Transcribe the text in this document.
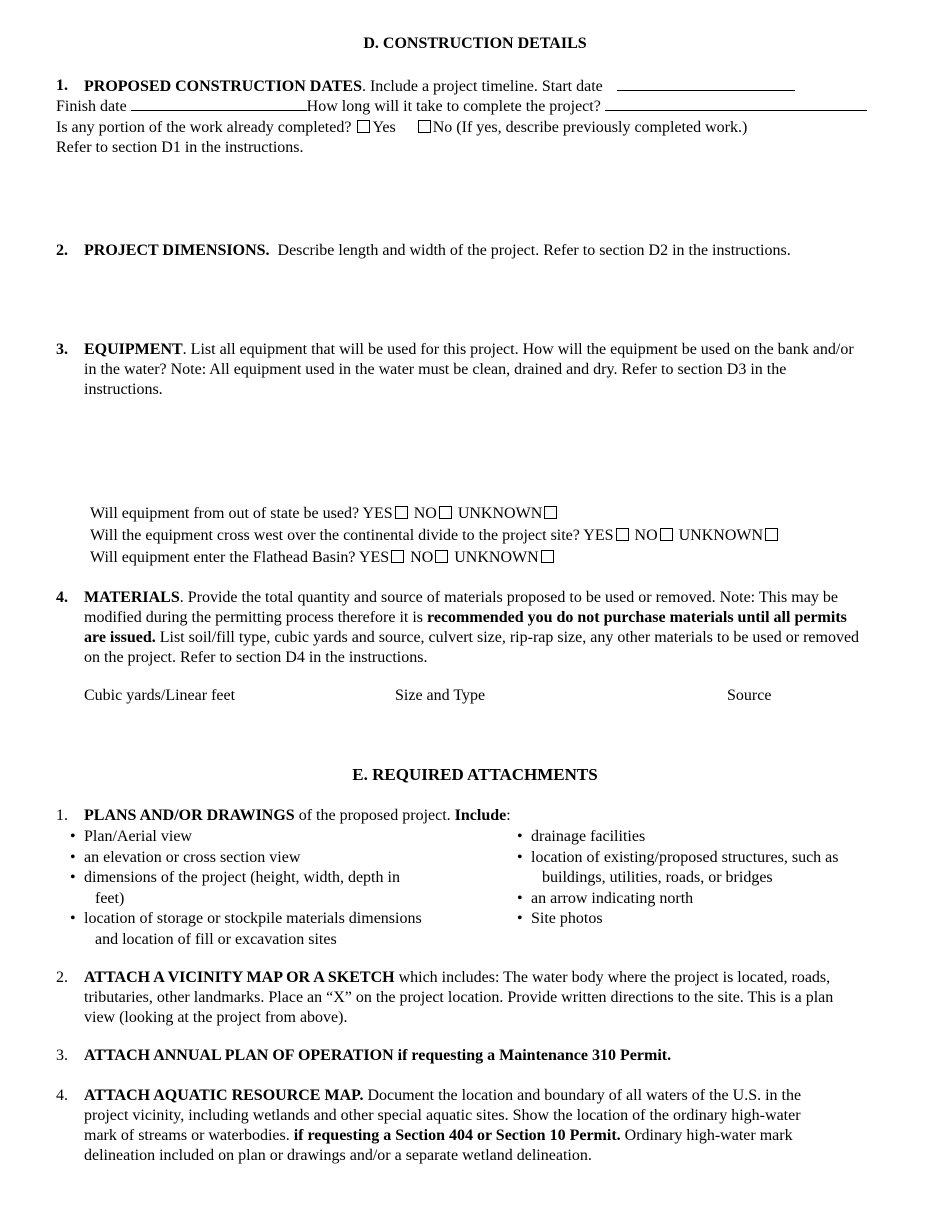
D. CONSTRUCTION DETAILS
1. PROPOSED CONSTRUCTION DATES. Include a project timeline. Start date
Finish date	How long will it take to complete the project?
Is any portion of the work already completed? Yes No (If yes, describe previously completed work.)
Refer to section D1 in the instructions.
2. PROJECT DIMENSIONS. Describe length and width of the project. Refer to section D2 in the instructions.
3. EQUIPMENT. List all equipment that will be used for this project. How will the equipment be used on the bank and/or
in the water? Note: All equipment used in the water must be clean, drained and dry. Refer to section D3 in the
instructions.
Will equipment from out of state be used? YES NO UNKNOWN
Will the equipment cross west over the continental divide to the project site? YES NO UNKNOWN
Will equipment enter the Flathead Basin? YES NO UNKNOWN
4. MATERIALS. Provide the total quantity and source of materials proposed to be used or removed. Note: This may be
modified during the permitting process therefore it is recommended you do not purchase materials until all permits
are issued. List soil/fill type, cubic yards and source, culvert size, rip-rap size, any other materials to be used or removed
on the project. Refer to section D4 in the instructions.
Cubic yards/Linear feet	Size and Type	Source
E. REQUIRED ATTACHMENTS
1. PLANS AND/OR DRAWINGS of the proposed project. Include:
• Plan/Aerial view
• an elevation or cross section view
• dimensions of the project (height, width, depth in
feet)
• location of storage or stockpile materials dimensions
and location of fill or excavation sites
• drainage facilities
• location of existing/proposed structures, such as
buildings, utilities, roads, or bridges
• an arrow indicating north
• Site photos
2. ATTACH A VICINITY MAP OR A SKETCH which includes: The water body where the project is located, roads,
tributaries, other landmarks. Place an “X” on the project location. Provide written directions to the site. This is a plan
view (looking at the project from above).
3. ATTACH ANNUAL PLAN OF OPERATION if requesting a Maintenance 310 Permit.
4. ATTACH AQUATIC RESOURCE MAP. Document the location and boundary of all waters of the U.S. in the
project vicinity, including wetlands and other special aquatic sites. Show the location of the ordinary high-water
mark of streams or waterbodies. if requesting a Section 404 or Section 10 Permit. Ordinary high-water mark
delineation included on plan or drawings and/or a separate wetland delineation.
